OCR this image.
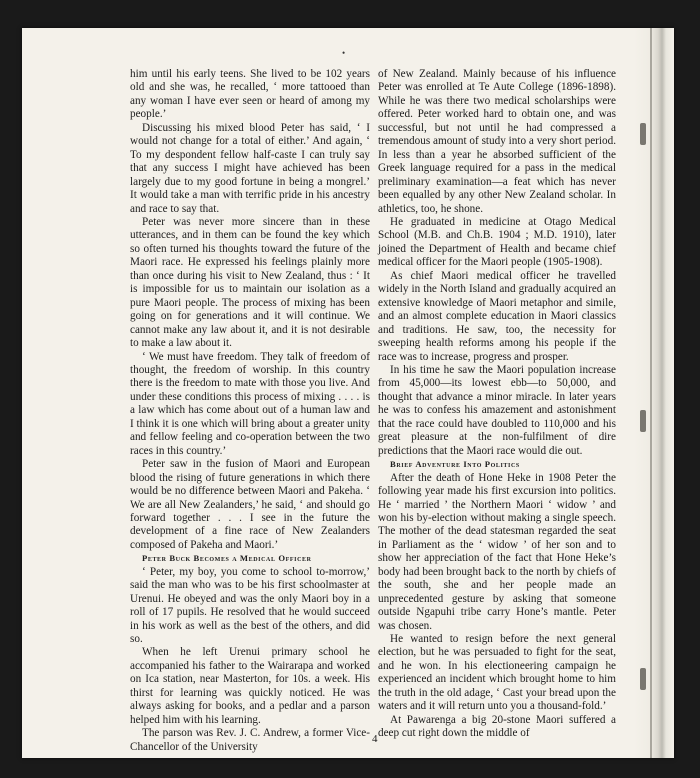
•

him until his early teens. She lived to be 102 years old and she was, he recalled, ‘ more tattooed than any woman I have ever seen or heard of among my people.’

Discussing his mixed blood Peter has said, ‘ I would not change for a total of either.’ And again, ‘ To my despondent fellow half-caste I can truly say that any success I might have achieved has been largely due to my good fortune in being a mongrel.’ It would take a man with terrific pride in his ancestry and race to say that.

Peter was never more sincere than in these utterances, and in them can be found the key which so often turned his thoughts toward the future of the Maori race. He expressed his feelings plainly more than once during his visit to New Zealand, thus : ‘ It is impossible for us to maintain our isolation as a pure Maori people. The process of mixing has been going on for generations and it will continue. We cannot make any law about it, and it is not desirable to make a law about it.

‘ We must have freedom. They talk of freedom of thought, the freedom of worship. In this country there is the freedom to mate with those you live. And under these conditions this process of mixing . . . . is a law which has come about out of a human law and I think it is one which will bring about a greater unity and fellow feeling and co-operation between the two races in this country.’

Peter saw in the fusion of Maori and European blood the rising of future generations in which there would be no difference between Maori and Pakeha. ‘ We are all New Zealanders,’ he said, ‘ and should go forward together . . . I see in the future the development of a fine race of New Zealanders composed of Pakeha and Maori.’

Peter Buck Becomes a Medical Officer

‘ Peter, my boy, you come to school to-morrow,’ said the man who was to be his first schoolmaster at Urenui. He obeyed and was the only Maori boy in a roll of 17 pupils. He resolved that he would succeed in his work as well as the best of the others, and did so.

When he left Urenui primary school he accompanied his father to the Wairarapa and worked on Ica station, near Masterton, for 10s. a week. His thirst for learning was quickly noticed. He was always asking for books, and a pedlar and a parson helped him with his learning.

The parson was Rev. J. C. Andrew, a former Vice-Chancellor of the University

of New Zealand. Mainly because of his influence Peter was enrolled at Te Aute College (1896-1898). While he was there two medical scholarships were offered. Peter worked hard to obtain one, and was successful, but not until he had compressed a tremendous amount of study into a very short period. In less than a year he absorbed sufficient of the Greek language required for a pass in the medical preliminary examination—a feat which has never been equalled by any other New Zealand scholar. In athletics, too, he shone.

He graduated in medicine at Otago Medical School (M.B. and Ch.B. 1904 ; M.D. 1910), later joined the Department of Health and became chief medical officer for the Maori people (1905-1908).

As chief Maori medical officer he travelled widely in the North Island and gradually acquired an extensive knowledge of Maori metaphor and simile, and an almost complete education in Maori classics and traditions. He saw, too, the necessity for sweeping health reforms among his people if the race was to increase, progress and prosper.

In his time he saw the Maori population increase from 45,000—its lowest ebb—to 50,000, and thought that advance a minor miracle. In later years he was to confess his amazement and astonishment that the race could have doubled to 110,000 and his great pleasure at the non-fulfilment of dire predictions that the Maori race would die out.

Brief Adventure Into Politics

After the death of Hone Heke in 1908 Peter the following year made his first excursion into politics. He ‘ married ’ the Northern Maori ‘ widow ’ and won his by-election without making a single speech. The mother of the dead statesman regarded the seat in Parliament as the ‘ widow ’ of her son and to show her appreciation of the fact that Hone Heke’s body had been brought back to the north by chiefs of the south, she and her people made an unprecedented gesture by asking that someone outside Ngapuhi tribe carry Hone’s mantle. Peter was chosen.

He wanted to resign before the next general election, but he was persuaded to fight for the seat, and he won. In his electioneering campaign he experienced an incident which brought home to him the truth in the old adage, ‘ Cast your bread upon the waters and it will return unto you a thousand-fold.’

At Pawarenga a big 20-stone Maori suffered a deep cut right down the middle of

4
